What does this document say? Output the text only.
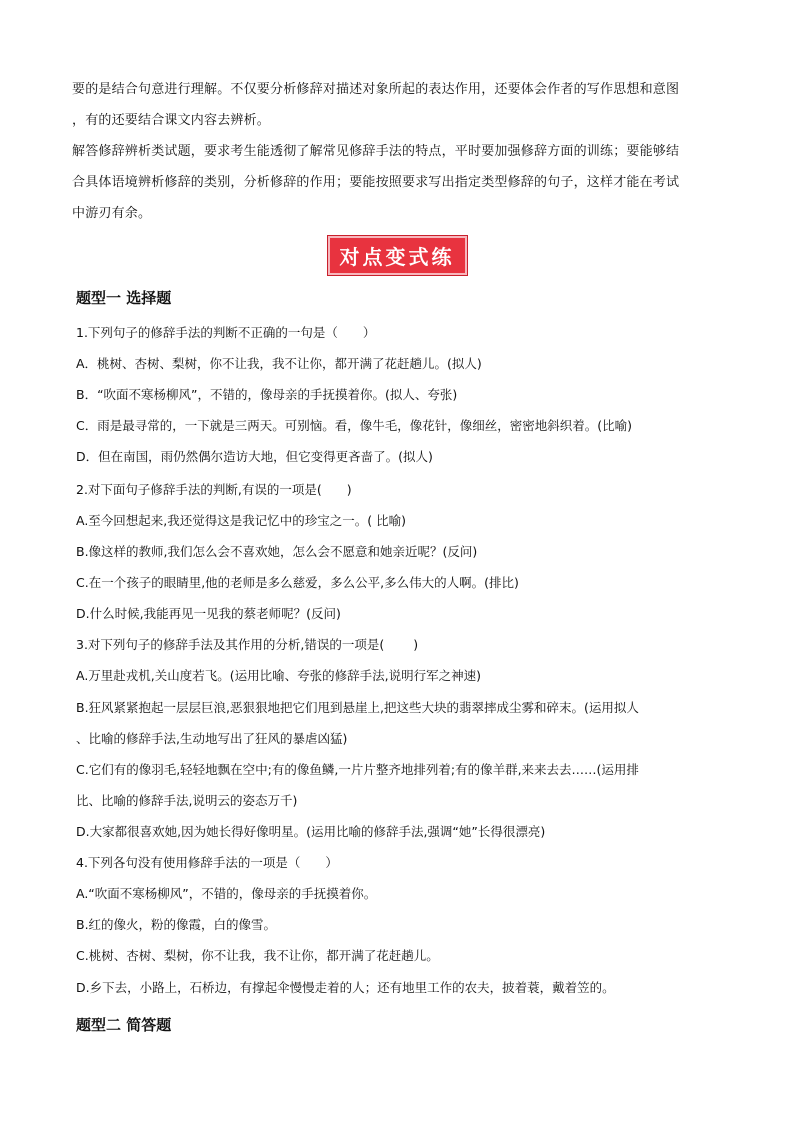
要的是结合句意进行理解。不仅要分析修辞对描述对象所起的表达作用，还要体会作者的写作思想和意图

，有的还要结合课文内容去辨析。

解答修辞辨析类试题，要求考生能透彻了解常见修辞手法的特点，平时要加强修辞方面的训练；要能够结

合具体语境辨析修辞的类别，分析修辞的作用；要能按照要求写出指定类型修辞的句子，这样才能在考试

中游刃有余。

对点变式练
题型一 选择题
1.下列句子的修辞手法的判断不正确的一句是（　　）
A．桃树、杏树、梨树，你不让我，我不让你，都开满了花赶趟儿。(拟人)
B．“吹面不寒杨柳风”，不错的，像母亲的手抚摸着你。(拟人、夸张)
C．雨是最寻常的，一下就是三两天。可别恼。看，像牛毛，像花针，像细丝，密密地斜织着。(比喻)
D．但在南国，雨仍然偶尔造访大地，但它变得更吝啬了。(拟人)
2.对下面句子修辞手法的判断,有误的一项是(　　)
A.至今回想起来,我还觉得这是我记忆中的珍宝之一。( 比喻)
B.像这样的教师,我们怎么会不喜欢她，怎么会不愿意和她亲近呢？(反问)
C.在一个孩子的眼睛里,他的老师是多么慈爱，多么公平,多么伟大的人啊。(排比)
D.什么时候,我能再见一见我的蔡老师呢？(反问)
3.对下列句子的修辞手法及其作用的分析,错误的一项是(　　 )
A.万里赴戎机,关山度若飞。(运用比喻、夸张的修辞手法,说明行军之神速)
B.狂风紧紧抱起一层层巨浪,恶狠狠地把它们甩到悬崖上,把这些大块的翡翠摔成尘雾和碎末。(运用拟人
、比喻的修辞手法,生动地写出了狂风的暴虐凶猛)
C.它们有的像羽毛,轻轻地飘在空中;有的像鱼鳞,一片片整齐地排列着;有的像羊群,来来去去……(运用排
比、比喻的修辞手法,说明云的姿态万千)
D.大家都很喜欢她,因为她长得好像明星。(运用比喻的修辞手法,强调“她”长得很漂亮)
4.下列各句没有使用修辞手法的一项是（　　）
A.“吹面不寒杨柳风”，不错的，像母亲的手抚摸着你。
B.红的像火，粉的像霞，白的像雪。
C.桃树、杏树、梨树，你不让我，我不让你，都开满了花赶趟儿。
D.乡下去，小路上，石桥边，有撑起伞慢慢走着的人；还有地里工作的农夫，披着蓑，戴着笠的。
题型二 简答题
